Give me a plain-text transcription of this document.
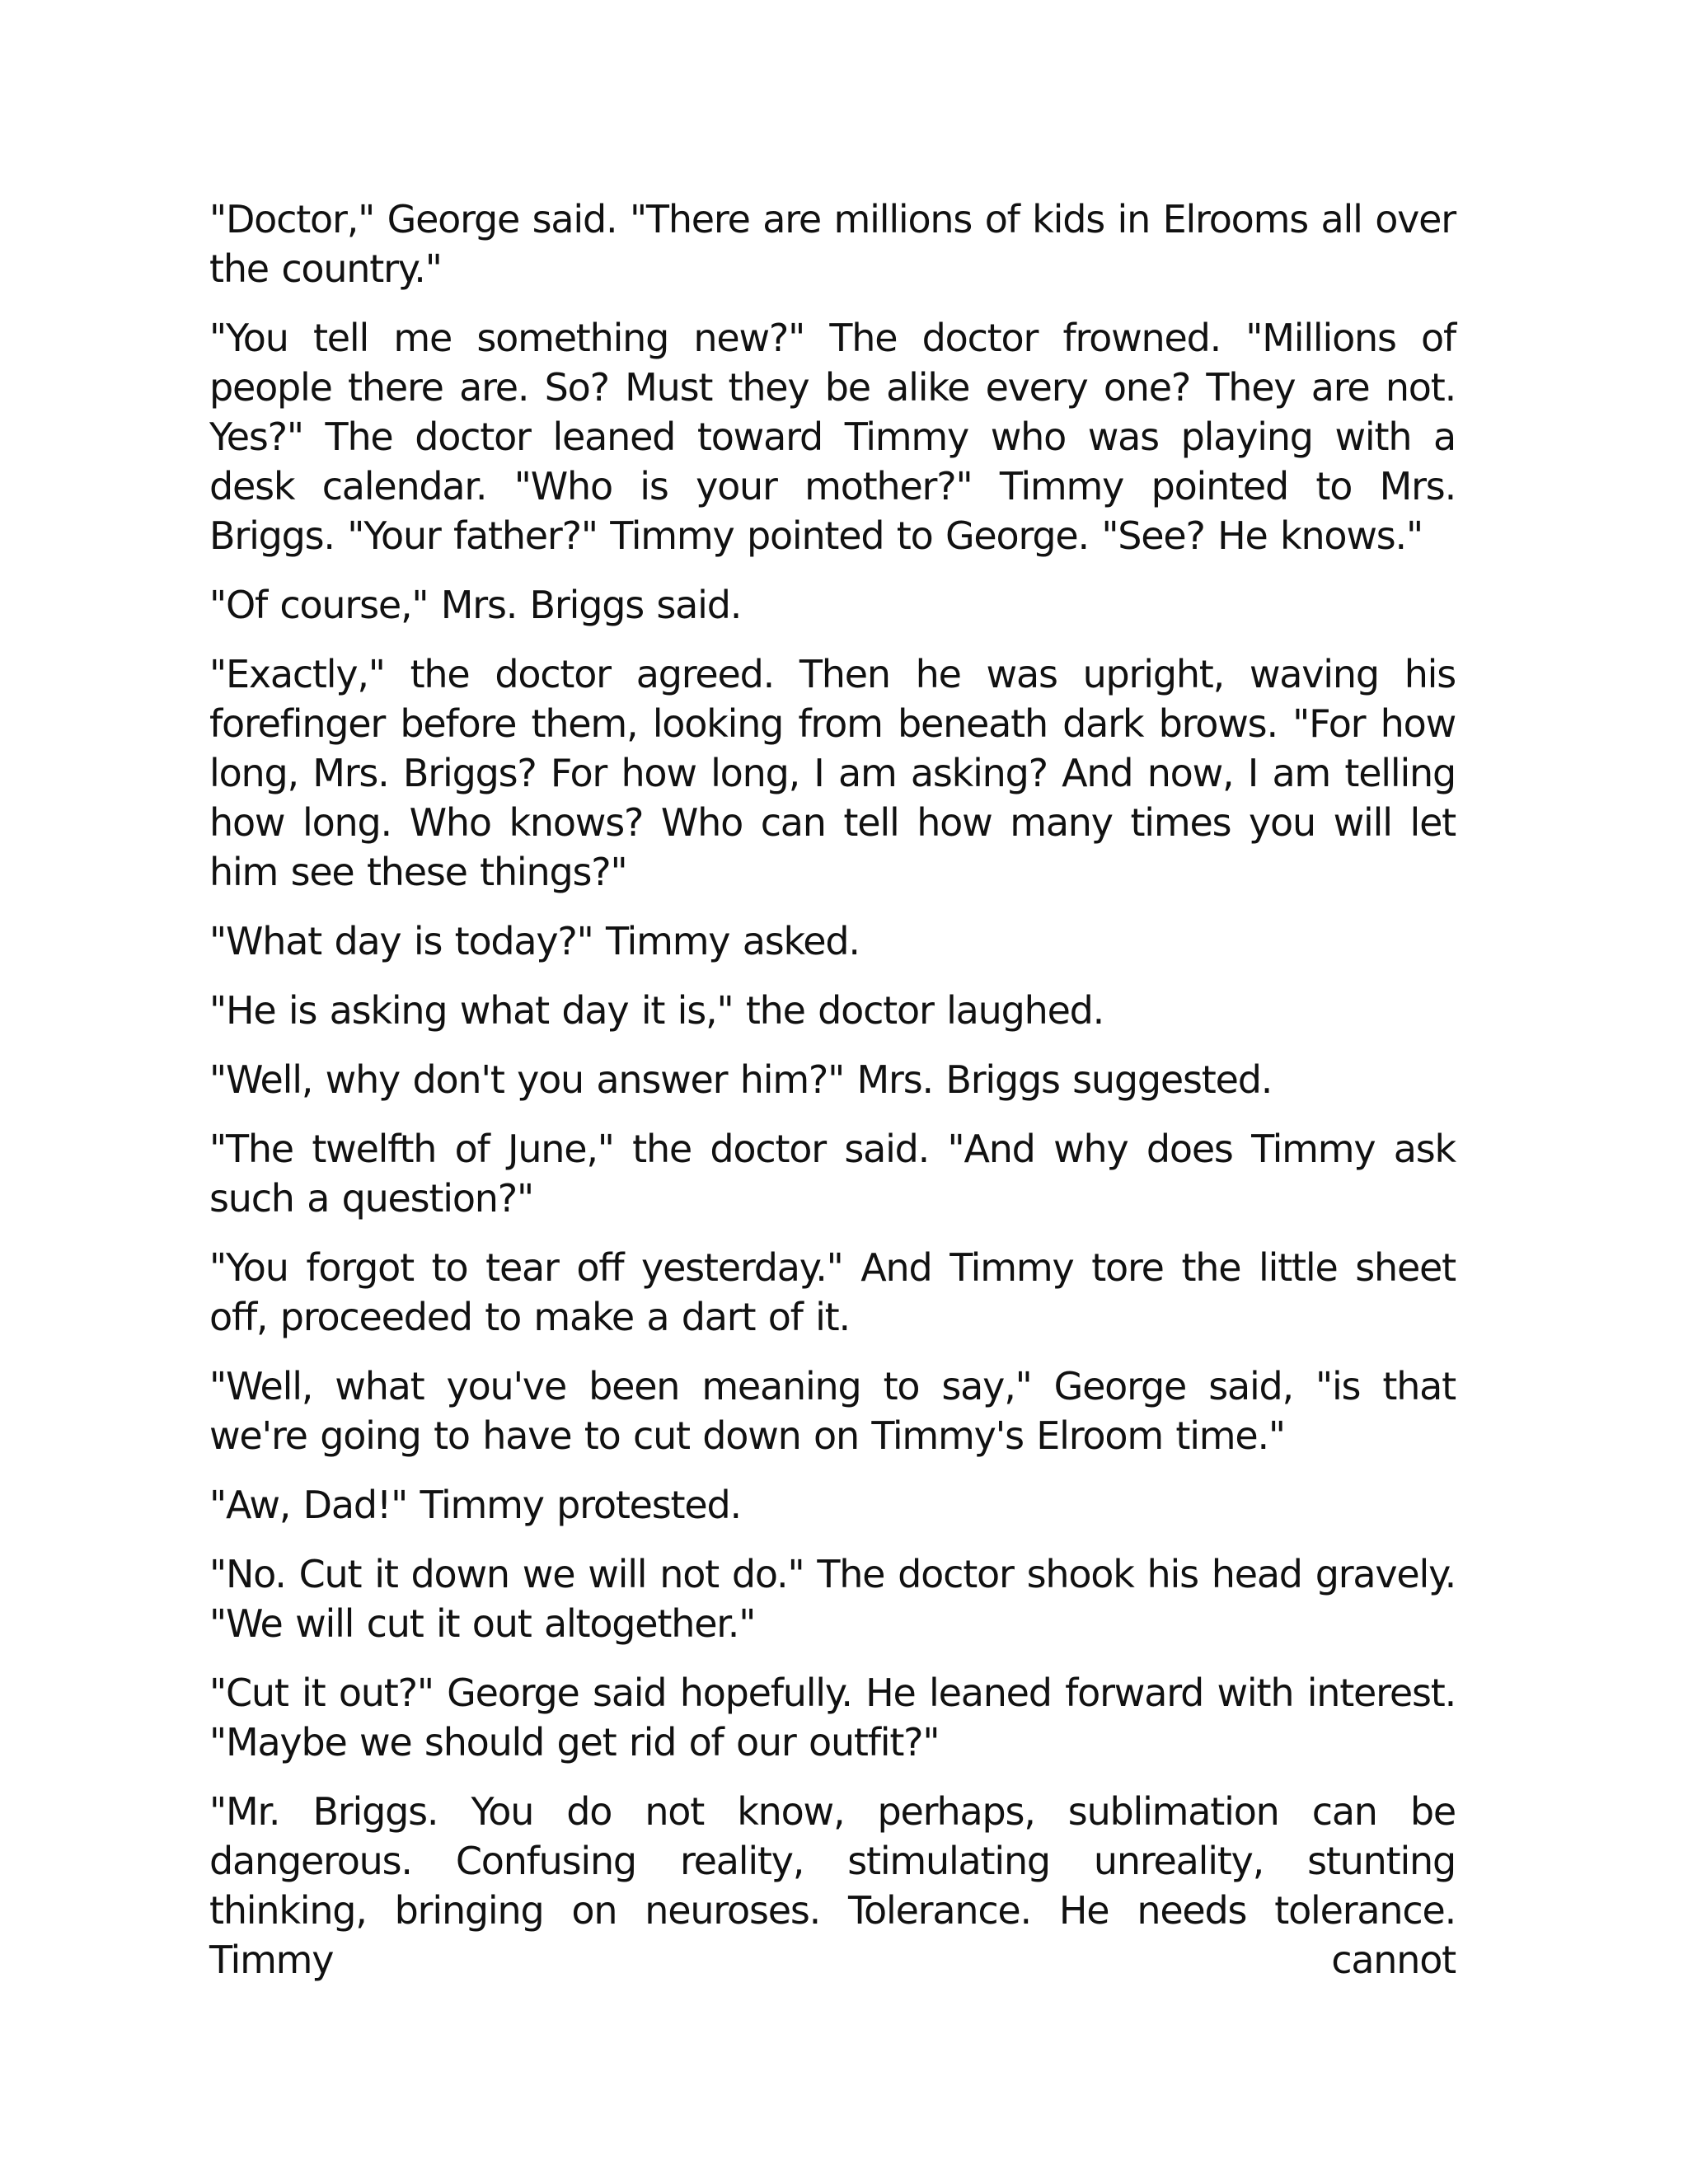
"Doctor," George said. "There are millions of kids in Elrooms all over the country."

"You tell me something new?" The doctor frowned. "Millions of people there are. So? Must they be alike every one? They are not. Yes?" The doctor leaned toward Timmy who was playing with a desk calendar. "Who is your mother?" Timmy pointed to Mrs. Briggs. "Your father?" Timmy pointed to George. "See? He knows."

"Of course," Mrs. Briggs said.

"Exactly," the doctor agreed. Then he was upright, waving his forefinger before them, looking from beneath dark brows. "For how long, Mrs. Briggs? For how long, I am asking? And now, I am telling how long. Who knows? Who can tell how many times you will let him see these things?"

"What day is today?" Timmy asked.

"He is asking what day it is," the doctor laughed.

"Well, why don't you answer him?" Mrs. Briggs suggested.

"The twelfth of June," the doctor said. "And why does Timmy ask such a question?"

"You forgot to tear off yesterday." And Timmy tore the little sheet off, proceeded to make a dart of it.

"Well, what you've been meaning to say," George said, "is that we're going to have to cut down on Timmy's Elroom time."

"Aw, Dad!" Timmy protested.

"No. Cut it down we will not do." The doctor shook his head gravely. "We will cut it out altogether."

"Cut it out?" George said hopefully. He leaned forward with interest. "Maybe we should get rid of our outfit?"

"Mr. Briggs. You do not know, perhaps, sublimation can be dangerous. Confusing reality, stimulating unreality, stunting thinking, bringing on neuroses. Tolerance. He needs tolerance. Timmy cannot
